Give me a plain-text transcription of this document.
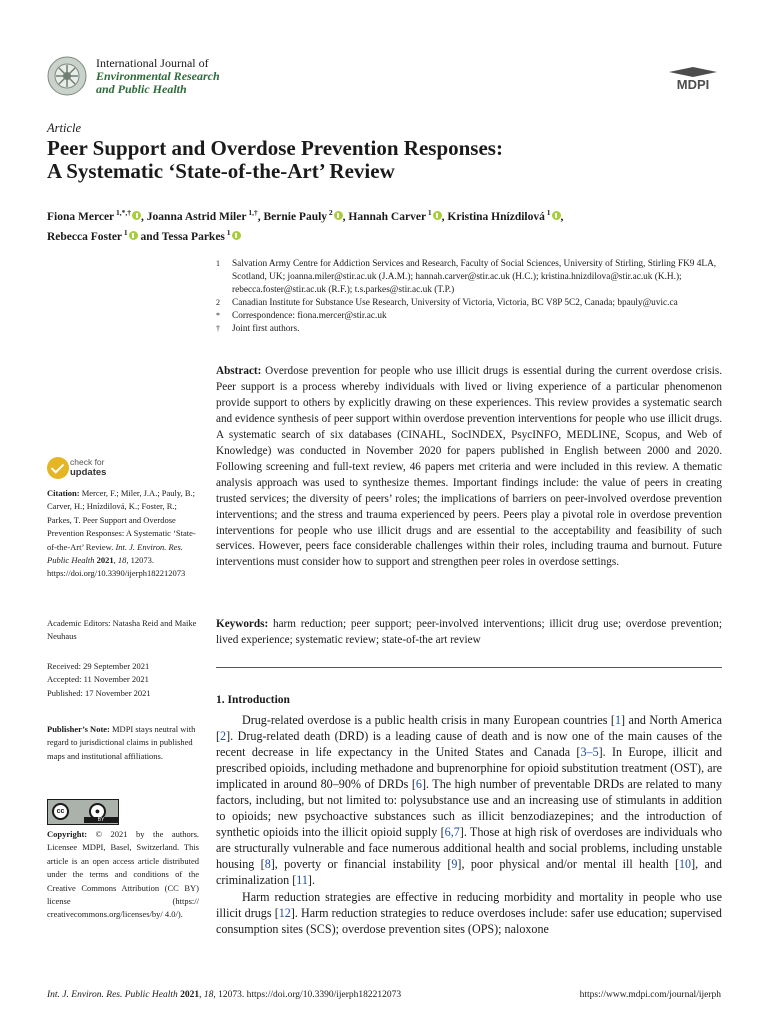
International Journal of
Environmental Research
and Public Health	MDPI
Article
Peer Support and Overdose Prevention Responses:
A Systematic ‘State-of-the-Art’ Review
Fiona Mercer $^{1,*,\dagger}$ , Joanna Astrid Miler $^{1,\dagger}$, Bernie Pauly $^2$ , Hannah Carver $^1$ , Kristina Hnízdilová $^1$ ,
Rebecca Foster $^1$ and Tessa Parkes $^1$
1	Salvation Army Centre for Addiction Services and Research, Faculty of Social Sciences, University of Stirling, Stirling FK9 4LA, Scotland, UK; joanna.miler@stir.ac.uk (J.A.M.); hannah.carver@stir.ac.uk (H.C.); kristina.hnizdilova@stir.ac.uk (K.H.); rebecca.foster@stir.ac.uk (R.F.); t.s.parkes@stir.ac.uk (T.P.)
2	Canadian Institute for Substance Use Research, University of Victoria, Victoria, BC V8P 5C2, Canada; bpauly@uvic.ca
*	Correspondence: fiona.mercer@stir.ac.uk
†	Joint first authors.
Abstract: Overdose prevention for people who use illicit drugs is essential during the current overdose crisis. Peer support is a process whereby individuals with lived or living experience of a particular phenomenon provide support to others by explicitly drawing on these experiences. This review provides a systematic search and evidence synthesis of peer support within overdose prevention interventions for people who use illicit drugs. A systematic search of six databases (CINAHL, SocINDEX, PsycINFO, MEDLINE, Scopus, and Web of Knowledge) was conducted in November 2020 for papers published in English between 2000 and 2020. Following screening and full-text review, 46 papers met criteria and were included in this review. A thematic analysis approach was used to synthesize themes. Important findings include: the value of peers in creating trusted services; the diversity of peers’ roles; the implications of barriers on peer-involved overdose prevention interventions; and the stress and trauma experienced by peers. Peers play a pivotal role in overdose prevention interventions for people who use illicit drugs and are essential to the acceptability and feasibility of such services. However, peers face considerable challenges within their roles, including trauma and burnout. Future interventions must consider how to support and strengthen peer roles in overdose settings.
Keywords: harm reduction; peer support; peer-involved interventions; illicit drug use; overdose prevention; lived experience; systematic review; state-of-the art review
check for
updates
Citation: Mercer, F.; Miler, J.A.; Pauly, B.; Carver, H.; Hnízdilová, K.; Foster, R.; Parkes, T. Peer Support and Overdose Prevention Responses: A Systematic ‘State-of-the-Art’ Review. Int. J. Environ. Res. Public Health 2021, 18, 12073. https://doi.org/10.3390/ijerph182212073
Academic Editors: Natasha Reid and Maike Neuhaus
Received: 29 September 2021
Accepted: 11 November 2021
Published: 17 November 2021
Publisher’s Note: MDPI stays neutral with regard to jurisdictional claims in published maps and institutional affiliations.
cc	●
BY
Copyright: © 2021 by the authors. Licensee MDPI, Basel, Switzerland. This article is an open access article distributed under the terms and conditions of the Creative Commons Attribution (CC BY) license (https:// creativecommons.org/licenses/by/ 4.0/).
1. Introduction

Drug-related overdose is a public health crisis in many European countries [1] and North America [2]. Drug-related death (DRD) is a leading cause of death and is now one of the main causes of the recent decrease in life expectancy in the United States and Canada [3–5]. In Europe, illicit and prescribed opioids, including methadone and buprenorphine for opioid substitution treatment (OST), are implicated in around 80–90% of DRDs [6]. The high number of preventable DRDs are related to many factors, including, but not limited to: polysubstance use and an increasing use of stimulants in addition to opioids; new psychoactive substances such as illicit benzodiazepines; and the introduction of synthetic opioids into the illicit opioid supply [6,7]. Those at high risk of overdoses are individuals who are structurally vulnerable and face numerous additional health and social problems, including unstable housing [8], poverty or financial instability [9], poor physical and/or mental ill health [10], and criminalization [11].

Harm reduction strategies are effective in reducing morbidity and mortality in people who use illicit drugs [12]. Harm reduction strategies to reduce overdoses include: safer use education; supervised consumption sites (SCS); overdose prevention sites (OPS); naloxone

Int. J. Environ. Res. Public Health 2021, 18, 12073. https://doi.org/10.3390/ijerph182212073	https://www.mdpi.com/journal/ijerph
